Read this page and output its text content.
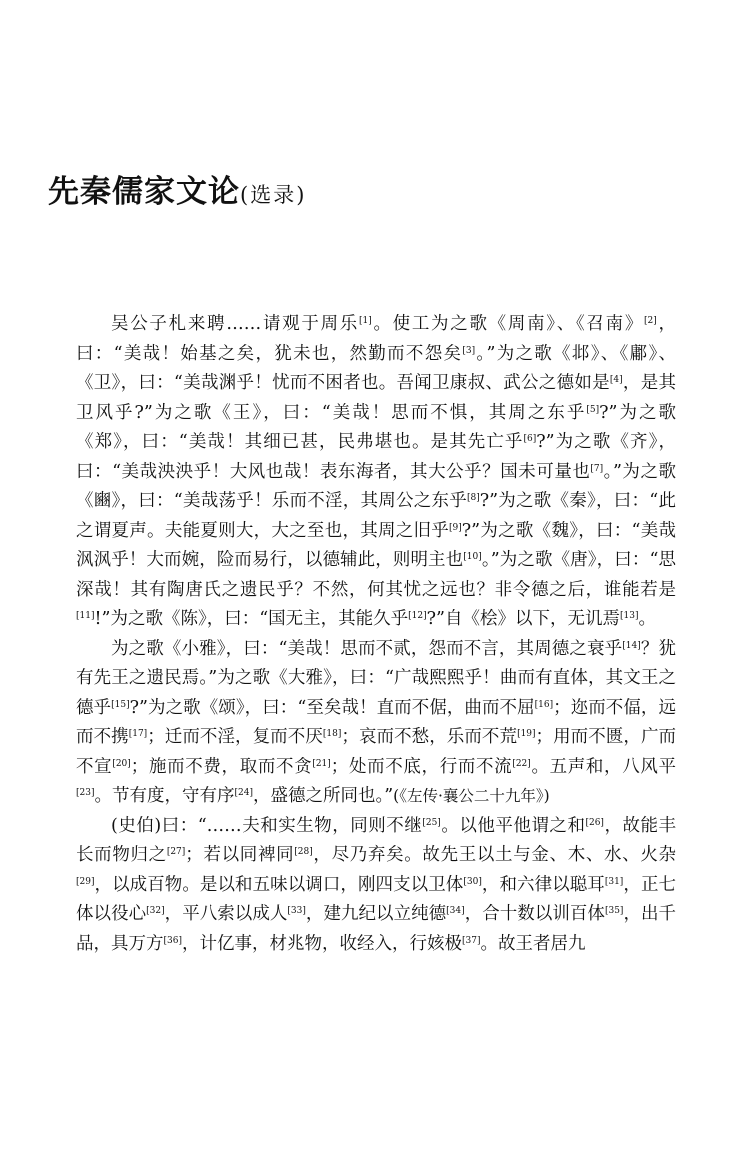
先秦儒家文论(选录)

吴公子札来聘……请观于周乐[1]。使工为之歌《周南》、《召南》[2]，曰：“美哉！始基之矣，犹未也，然勤而不怨矣[3]。”为之歌《邶》、《鄘》、《卫》，曰：“美哉渊乎！忧而不困者也。吾闻卫康叔、武公之德如是[4]，是其卫风乎?”为之歌《王》，曰：“美哉！思而不惧，其周之东乎[5]?”为之歌《郑》，曰：“美哉！其细已甚，民弗堪也。是其先亡乎[6]?”为之歌《齐》，曰：“美哉泱泱乎！大风也哉！表东海者，其大公乎？国未可量也[7]。”为之歌《豳》，曰：“美哉荡乎！乐而不淫，其周公之东乎[8]?”为之歌《秦》，曰：“此之谓夏声。夫能夏则大，大之至也，其周之旧乎[9]?”为之歌《魏》，曰：“美哉沨沨乎！大而婉，险而易行，以德辅此，则明主也[10]。”为之歌《唐》，曰：“思深哉！其有陶唐氏之遗民乎？不然，何其忧之远也？非令德之后，谁能若是[11]!”为之歌《陈》，曰：“国无主，其能久乎[12]?”自《桧》以下，无讥焉[13]。

为之歌《小雅》，曰：“美哉！思而不贰，怨而不言，其周德之衰乎[14]？犹有先王之遗民焉。”为之歌《大雅》，曰：“广哉熙熙乎！曲而有直体，其文王之德乎[15]?”为之歌《颂》，曰：“至矣哉！直而不倨，曲而不屈[16]；迩而不偪，远而不携[17]；迁而不淫，复而不厌[18]；哀而不愁，乐而不荒[19]；用而不匮，广而不宣[20]；施而不费，取而不贪[21]；处而不底，行而不流[22]。五声和，八风平[23]。节有度，守有序[24]，盛德之所同也。”(《左传·襄公二十九年》)

(史伯)曰：“……夫和实生物，同则不继[25]。以他平他谓之和[26]，故能丰长而物归之[27]；若以同裨同[28]，尽乃弃矣。故先王以土与金、木、水、火杂[29]，以成百物。是以和五味以调口，刚四支以卫体[30]，和六律以聪耳[31]，正七体以役心[32]，平八索以成人[33]，建九纪以立纯德[34]，合十数以训百体[35]，出千品，具万方[36]，计亿事，材兆物，收经入，行姟极[37]。故王者居九
